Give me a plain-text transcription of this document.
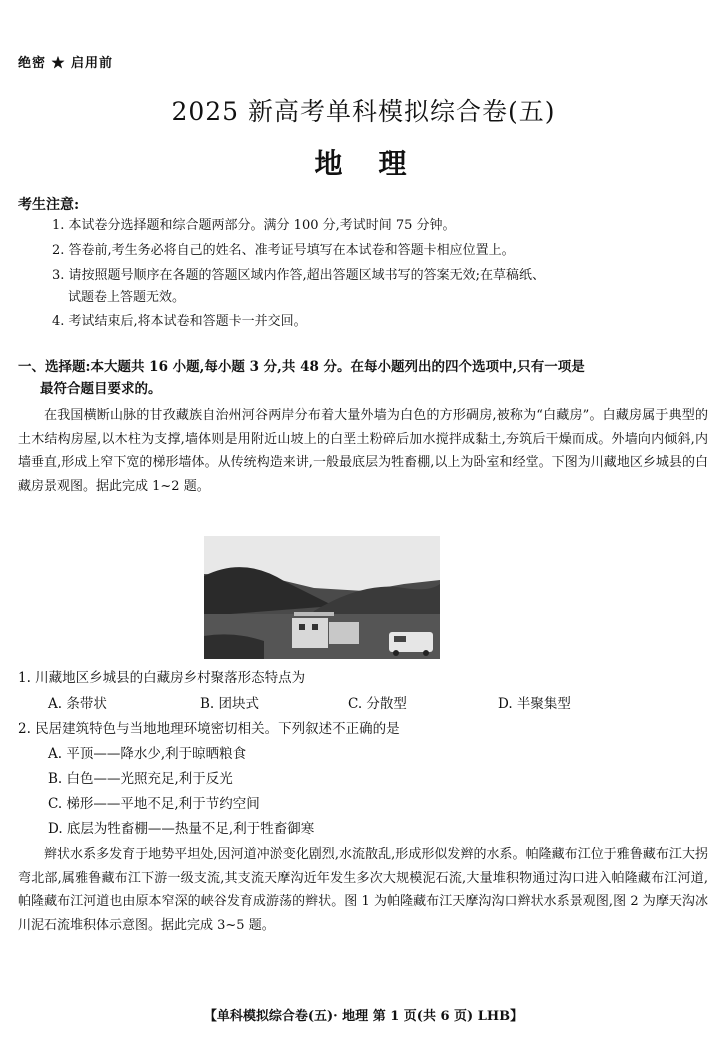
绝密 ★ 启用前
2025 新高考单科模拟综合卷(五)
地理
考生注意:
1. 本试卷分选择题和综合题两部分。满分 100 分,考试时间 75 分钟。
2. 答卷前,考生务必将自己的姓名、准考证号填写在本试卷和答题卡相应位置上。
3. 请按照题号顺序在各题的答题区域内作答,超出答题区域书写的答案无效;在草稿纸、
试题卷上答题无效。
4. 考试结束后,将本试卷和答题卡一并交回。
一、选择题:本大题共 16 小题,每小题 3 分,共 48 分。在每小题列出的四个选项中,只有一项是
最符合题目要求的。
在我国横断山脉的甘孜藏族自治州河谷两岸分布着大量外墙为白色的方形碉房,被称为“白藏房”。白藏房属于典型的土木结构房屋,以木柱为支撑,墙体则是用附近山坡上的白垩土粉碎后加水搅拌成黏土,夯筑后干燥而成。外墙向内倾斜,内墙垂直,形成上窄下宽的梯形墙体。从传统构造来讲,一般最底层为牲畜棚,以上为卧室和经堂。下图为川藏地区乡城县的白藏房景观图。据此完成 1~2 题。
1. 川藏地区乡城县的白藏房乡村聚落形态特点为
A. 条带状	B. 团块式	C. 分散型	D. 半聚集型
2. 民居建筑特色与当地地理环境密切相关。下列叙述不正确的是
A. 平顶——降水少,利于晾晒粮食
B. 白色——光照充足,利于反光
C. 梯形——平地不足,利于节约空间
D. 底层为牲畜棚——热量不足,利于牲畜御寒
辫状水系多发育于地势平坦处,因河道冲淤变化剧烈,水流散乱,形成形似发辫的水系。帕隆藏布江位于雅鲁藏布江大拐弯北部,属雅鲁藏布江下游一级支流,其支流天摩沟近年发生多次大规模泥石流,大量堆积物通过沟口进入帕隆藏布江河道,帕隆藏布江河道也由原本窄深的峡谷发育成游荡的辫状。图 1 为帕隆藏布江天摩沟沟口辫状水系景观图,图 2 为摩天沟冰川泥石流堆积体示意图。据此完成 3~5 题。
【单科模拟综合卷(五)· 地理 第 1 页(共 6 页) LHB】
